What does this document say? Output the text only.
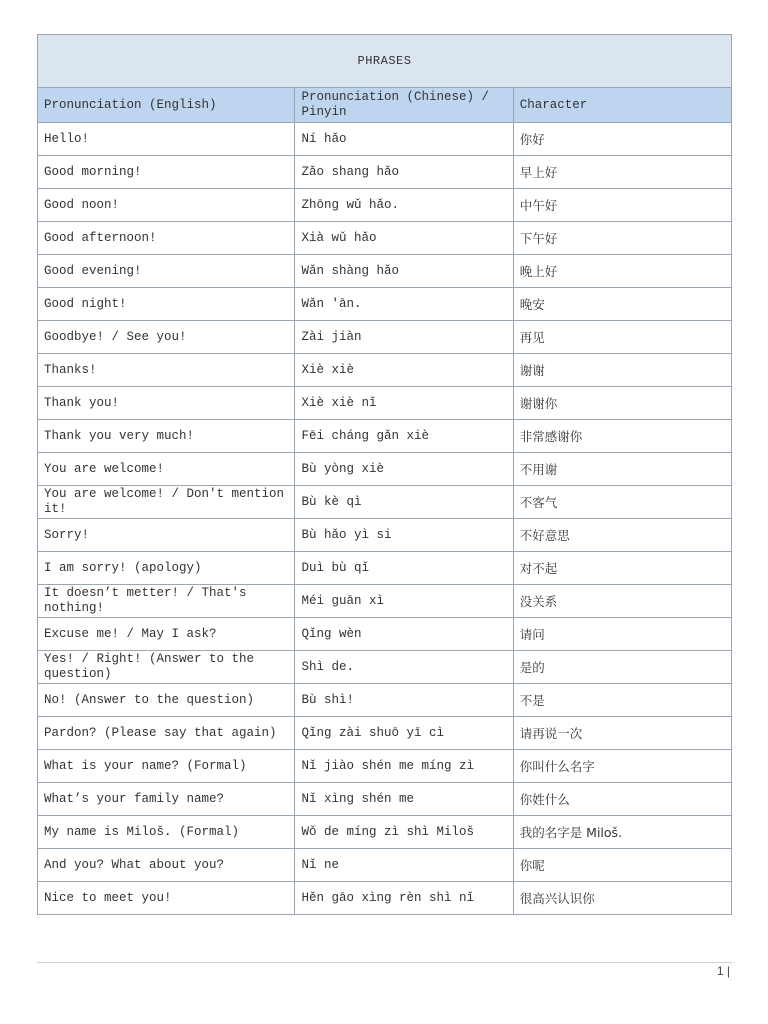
PHRASES		
Pronunciation (English)	Pronunciation (Chinese) / Pinyin	Character
Hello!	Ní hǎo	你好
Good morning!	Zǎo shang hǎo	早上好
Good noon!	Zhōng wǔ hǎo.	中午好
Good afternoon!	Xià wǔ hǎo	下午好
Good evening!	Wǎn shàng hǎo	晚上好
Good night!	Wǎn 'ān.	晚安
Goodbye! / See you!	Zài jiàn	再见
Thanks!	Xiè xiè	谢谢
Thank you!	Xiè xiè nǐ	谢谢你
Thank you very much!	Fēi cháng gǎn xiè	非常感谢你
You are welcome!	Bù yòng xiè	不用谢
You are welcome! / Don't mention it!	Bù kè qì	不客气
Sorry!	Bù hǎo yì si	不好意思
I am sorry! (apology)	Duì bù qǐ	对不起
It doesn’t metter! / That's nothing!	Méi guān xì	没关系
Excuse me! / May I ask?	Qǐng wèn	请问
Yes! / Right! (Answer to the question)	Shì de.	是的
No! (Answer to the question)	Bù shì!	不是
Pardon? (Please say that again)	Qǐng zài shuō yī cì	请再说一次
What is your name? (Formal)	Nǐ jiào shén me míng zì	你叫什么名字
What’s your family name?	Nǐ xìng shén me	你姓什么
My name is Miloš. (Formal)	Wǒ de míng zì shì Miloš	我的名字是 Miloš.
And you? What about you?	Nǐ ne	你呢
Nice to meet you!	Hěn gāo xìng rèn shì nǐ	很高兴认识你
1 |
